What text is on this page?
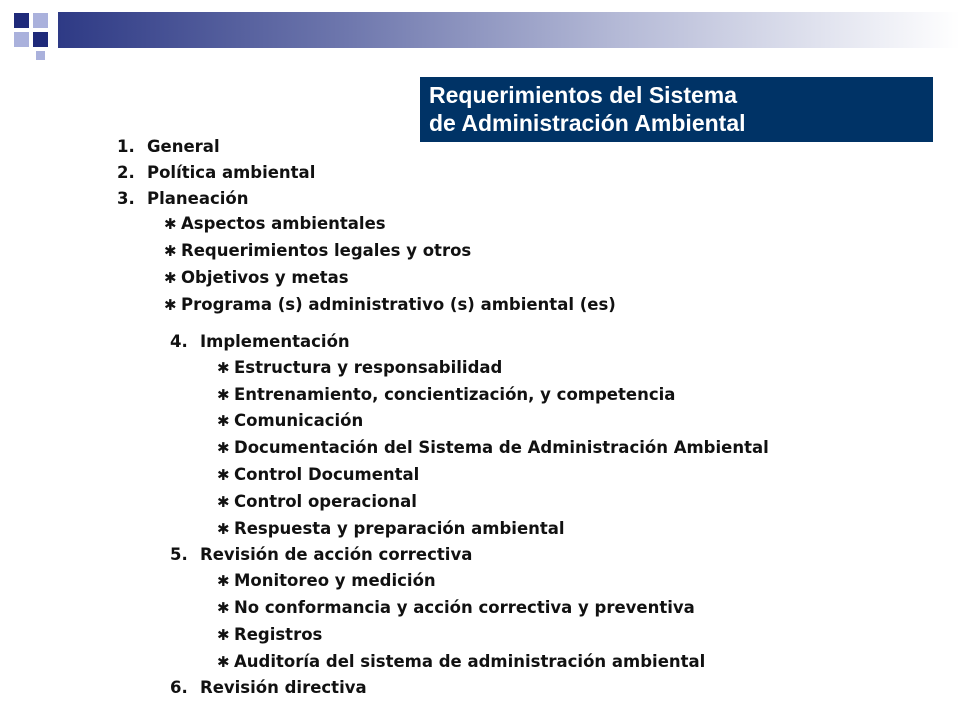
Requerimientos del Sistema
de Administración Ambiental
1. General
2. Política ambiental
3. Planeación
✱ Aspectos ambientales
✱ Requerimientos legales y otros
✱ Objetivos y metas
✱ Programa (s) administrativo (s) ambiental (es)
4. Implementación
✱ Estructura y responsabilidad
✱ Entrenamiento, concientización, y competencia
✱ Comunicación
✱ Documentación del Sistema de Administración Ambiental
✱ Control Documental
✱ Control operacional
✱ Respuesta y preparación ambiental
5. Revisión de acción correctiva
✱ Monitoreo y medición
✱ No conformancia y acción correctiva y preventiva
✱ Registros
✱ Auditoría del sistema de administración ambiental
6. Revisión directiva
